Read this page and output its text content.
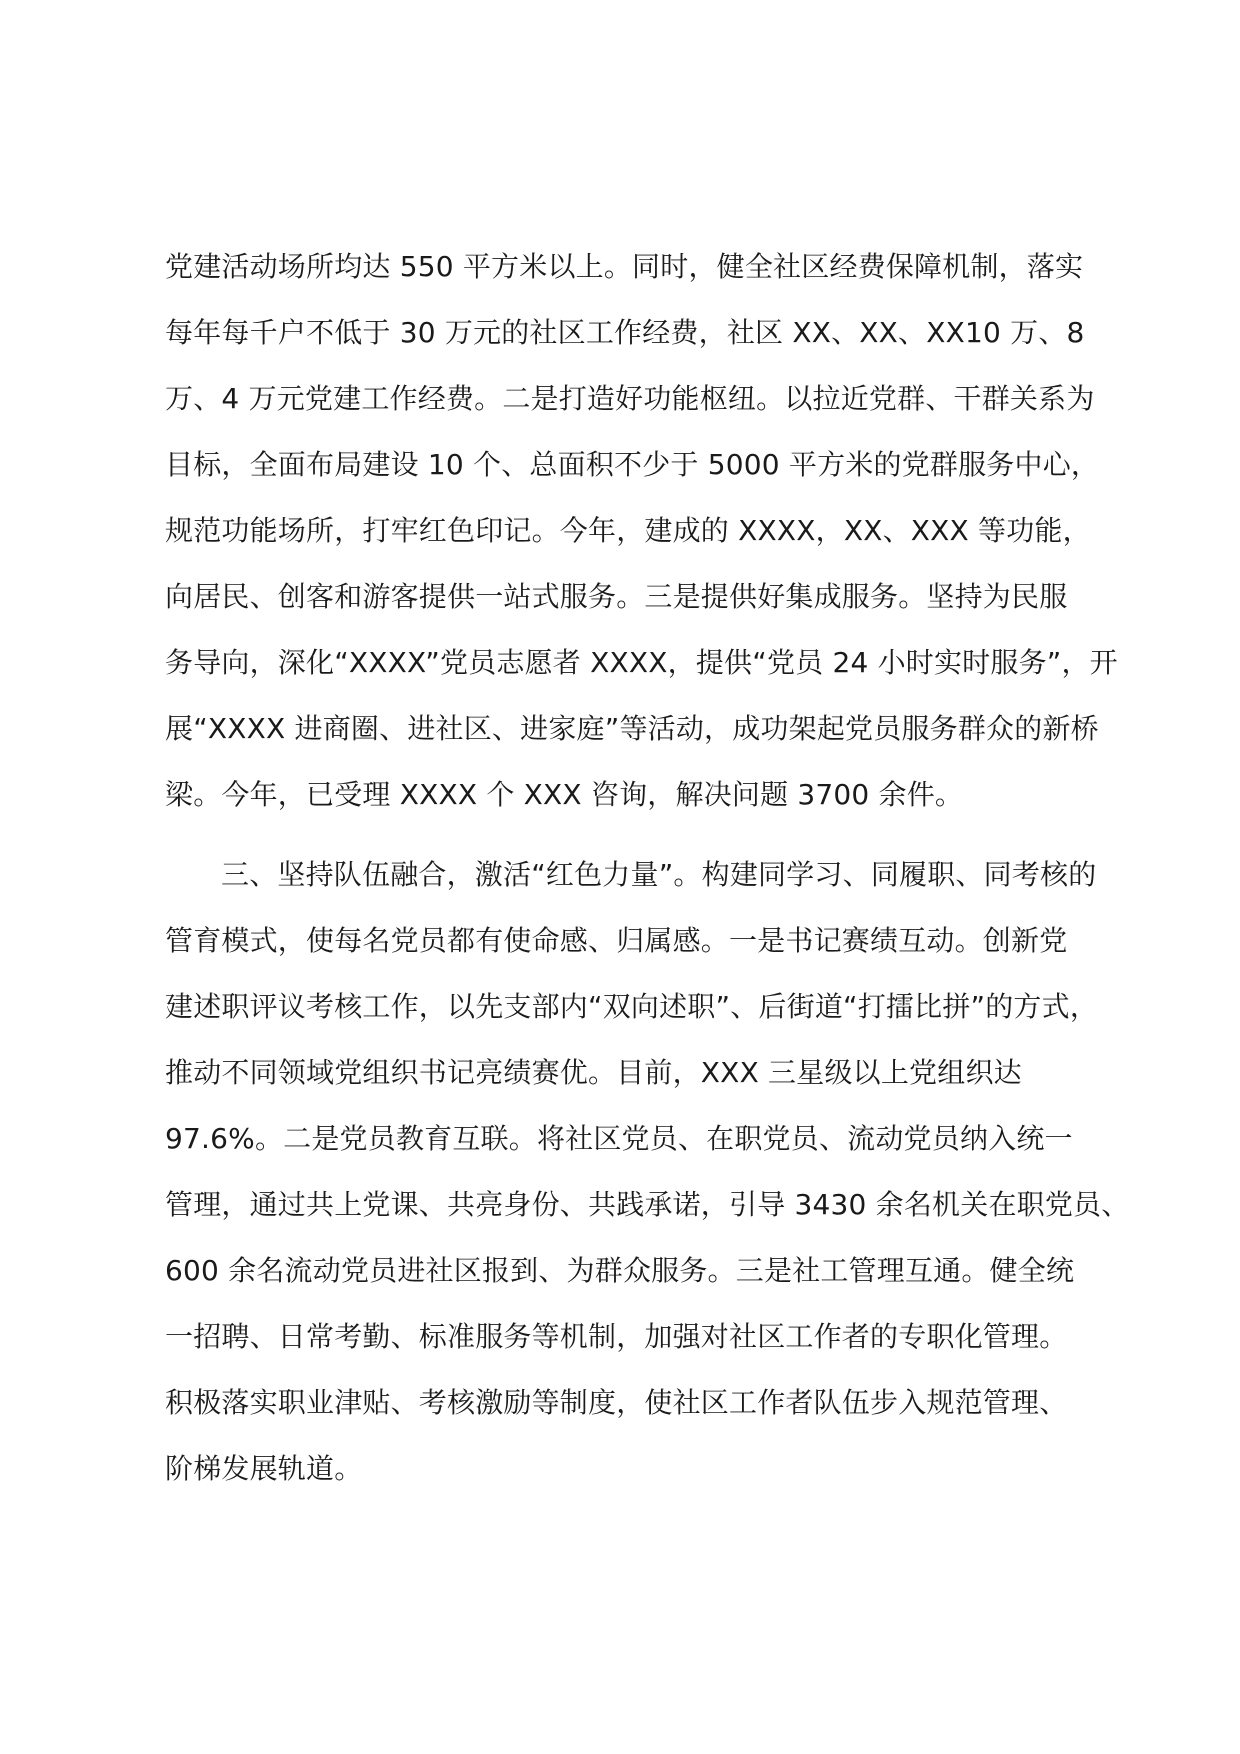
党建活动场所均达 550 平方米以上。同时，健全社区经费保障机制，落实
每年每千户不低于 30 万元的社区工作经费，社区 XX、XX、XX10 万、8
万、4 万元党建工作经费。二是打造好功能枢纽。以拉近党群、干群关系为
目标，全面布局建设 10 个、总面积不少于 5000 平方米的党群服务中心，
规范功能场所，打牢红色印记。今年，建成的 XXXX，XX、XXX 等功能，
向居民、创客和游客提供一站式服务。三是提供好集成服务。坚持为民服
务导向，深化“XXXX”党员志愿者 XXXX，提供“党员 24 小时实时服务”，开
展“XXXX 进商圈、进社区、进家庭”等活动，成功架起党员服务群众的新桥
梁。今年，已受理 XXXX 个 XXX 咨询，解决问题 3700 余件。
三、坚持队伍融合，激活“红色力量”。构建同学习、同履职、同考核的
管育模式，使每名党员都有使命感、归属感。一是书记赛绩互动。创新党
建述职评议考核工作，以先支部内“双向述职”、后街道“打擂比拼”的方式，
推动不同领域党组织书记亮绩赛优。目前，XXX 三星级以上党组织达
97.6%。二是党员教育互联。将社区党员、在职党员、流动党员纳入统一
管理，通过共上党课、共亮身份、共践承诺，引导 3430 余名机关在职党员、
600 余名流动党员进社区报到、为群众服务。三是社工管理互通。健全统
一招聘、日常考勤、标准服务等机制，加强对社区工作者的专职化管理。
积极落实职业津贴、考核激励等制度，使社区工作者队伍步入规范管理、
阶梯发展轨道。
